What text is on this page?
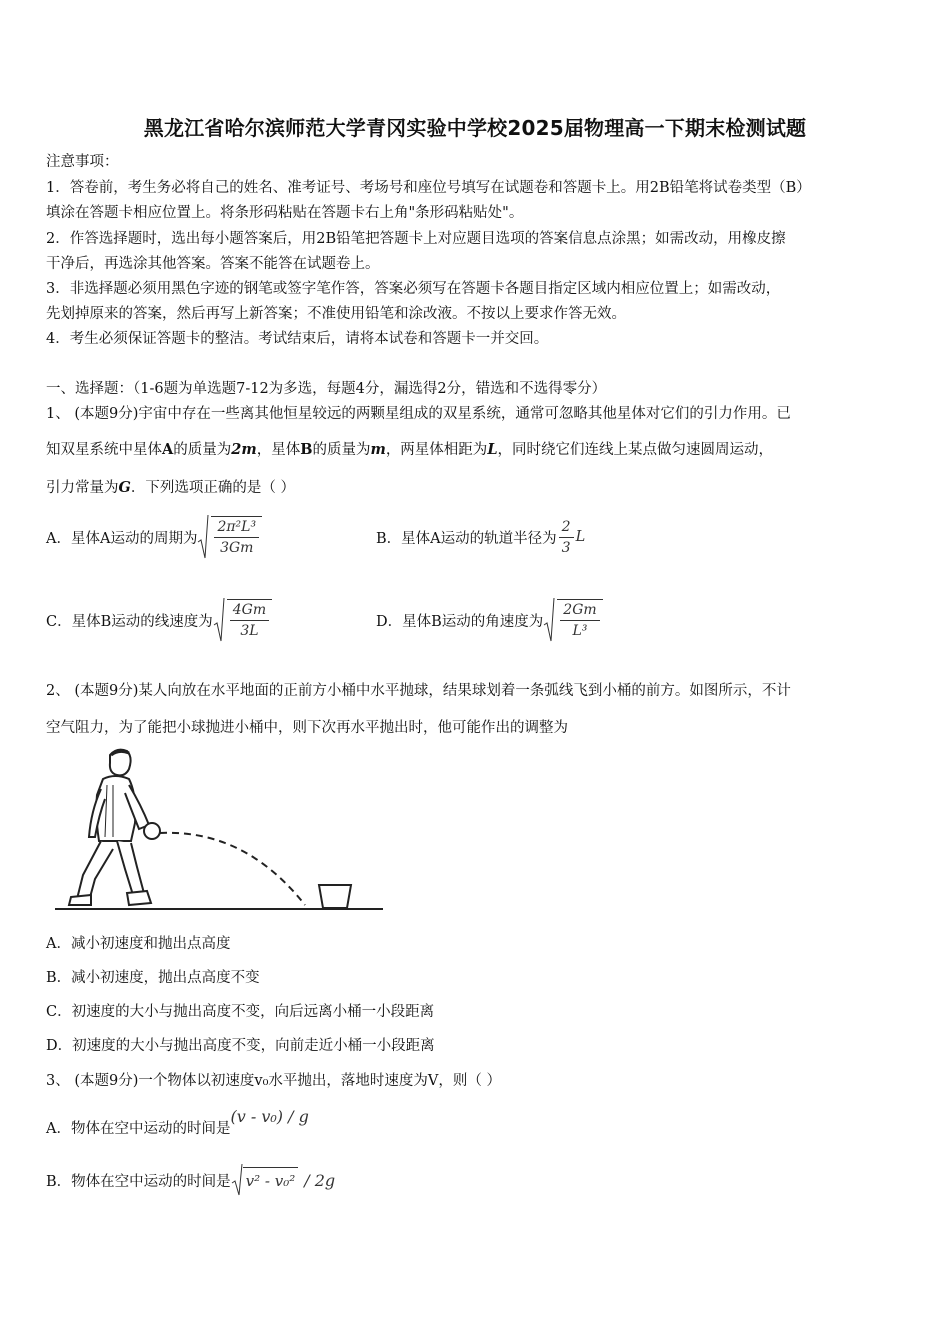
黑龙江省哈尔滨师范大学青冈实验中学校2025届物理高一下期末检测试题
注意事项：
1．答卷前，考生务必将自己的姓名、准考证号、考场号和座位号填写在试题卷和答题卡上。用2B铅笔将试卷类型（B）
填涂在答题卡相应位置上。将条形码粘贴在答题卡右上角"条形码粘贴处"。
2．作答选择题时，选出每小题答案后，用2B铅笔把答题卡上对应题目选项的答案信息点涂黑；如需改动，用橡皮擦
干净后，再选涂其他答案。答案不能答在试题卷上。
3．非选择题必须用黑色字迹的钢笔或签字笔作答，答案必须写在答题卡各题目指定区域内相应位置上；如需改动，
先划掉原来的答案，然后再写上新答案；不准使用铅笔和涂改液。不按以上要求作答无效。
4．考生必须保证答题卡的整洁。考试结束后，请将本试卷和答题卡一并交回。
一、选择题：（1-6题为单选题7-12为多选，每题4分，漏选得2分，错选和不选得零分）
1、 (本题9分)宇宙中存在一些离其他恒星较远的两颗星组成的双星系统，通常可忽略其他星体对它们的引力作用。已
知双星系统中星体A的质量为2m，星体B的质量为m，两星体相距为L，同时绕它们连线上某点做匀速圆周运动，
引力常量为G．下列选项正确的是（ ）
A．星体A运动的周期为 $\frac{\text{2π²L³}}{3Gm}$	B．星体A运动的轨道半径为 $\frac{2}{3}$ L
C．星体B运动的线速度为 $\frac{4Gm}{3L}$	D．星体B运动的角速度为 $\frac{2Gm}{\text{L³}}$
2、 (本题9分)某人向放在水平地面的正前方小桶中水平抛球，结果球划着一条弧线飞到小桶的前方。如图所示，不计
空气阻力，为了能把小球抛进小桶中，则下次再水平抛出时，他可能作出的调整为
A．减小初速度和抛出点高度
B．减小初速度，抛出点高度不变
C．初速度的大小与抛出高度不变，向后远离小桶一小段距离
D．初速度的大小与抛出高度不变，向前走近小桶一小段距离
3、 (本题9分)一个物体以初速度v₀水平抛出，落地时速度为V，则（ ）
A．物体在空中运动的时间是
(v - v₀) / g
B．物体在空中运动的时间是 v² - v₀² / 2g
